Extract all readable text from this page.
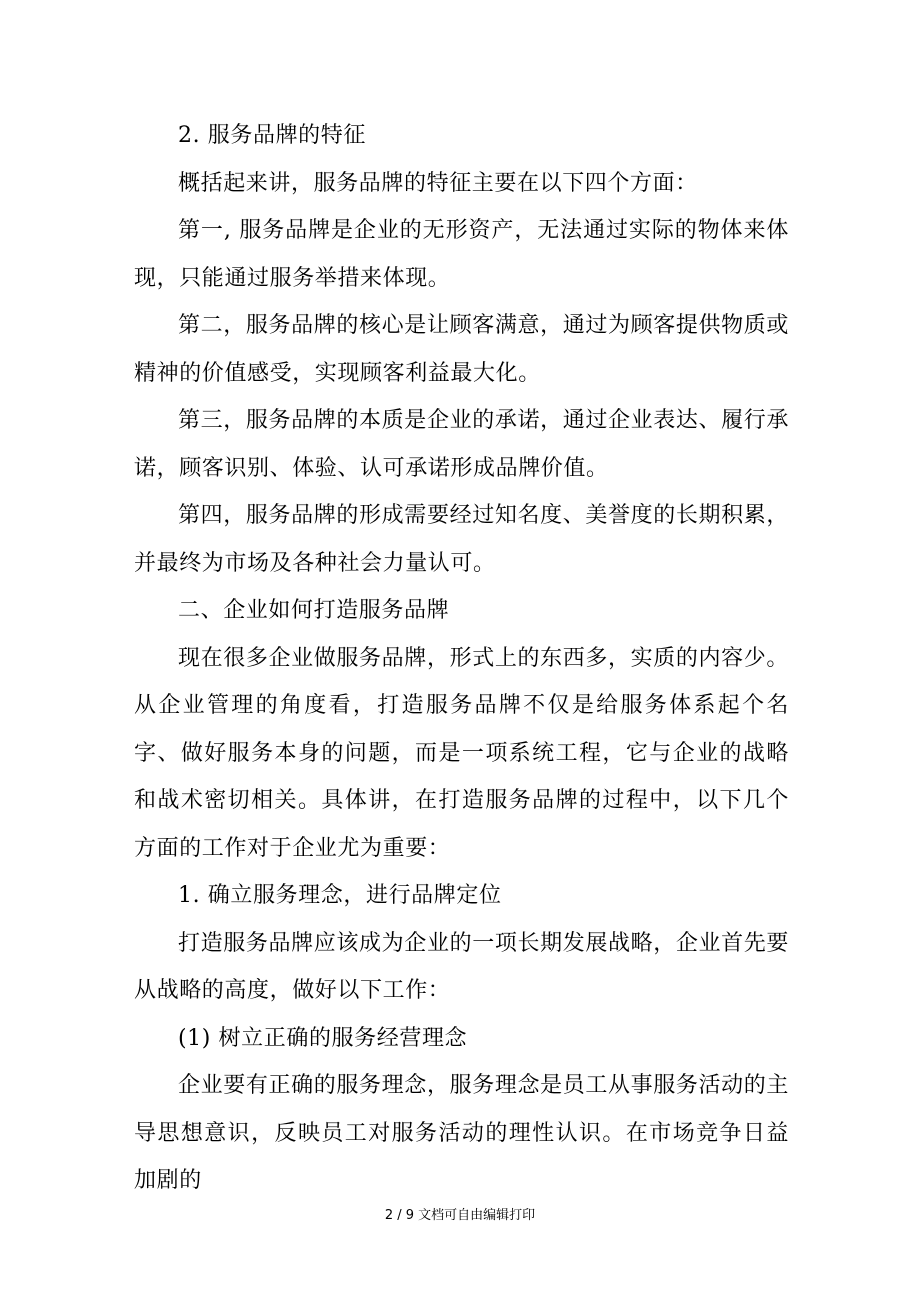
2. 服务品牌的特征

概括起来讲，服务品牌的特征主要在以下四个方面：

第一, 服务品牌是企业的无形资产，无法通过实际的物体来体现，只能通过服务举措来体现。

第二，服务品牌的核心是让顾客满意，通过为顾客提供物质或精神的价值感受，实现顾客利益最大化。

第三，服务品牌的本质是企业的承诺，通过企业表达、履行承诺，顾客识别、体验、认可承诺形成品牌价值。

第四，服务品牌的形成需要经过知名度、美誉度的长期积累，并最终为市场及各种社会力量认可。

二、企业如何打造服务品牌

现在很多企业做服务品牌，形式上的东西多，实质的内容少。从企业管理的角度看，打造服务品牌不仅是给服务体系起个名字、做好服务本身的问题，而是一项系统工程，它与企业的战略和战术密切相关。具体讲，在打造服务品牌的过程中，以下几个方面的工作对于企业尤为重要：

1. 确立服务理念，进行品牌定位

打造服务品牌应该成为企业的一项长期发展战略，企业首先要从战略的高度，做好以下工作：

(1) 树立正确的服务经营理念

企业要有正确的服务理念，服务理念是员工从事服务活动的主导思想意识，反映员工对服务活动的理性认识。在市场竞争日益加剧的

2 / 9 文档可自由编辑打印
